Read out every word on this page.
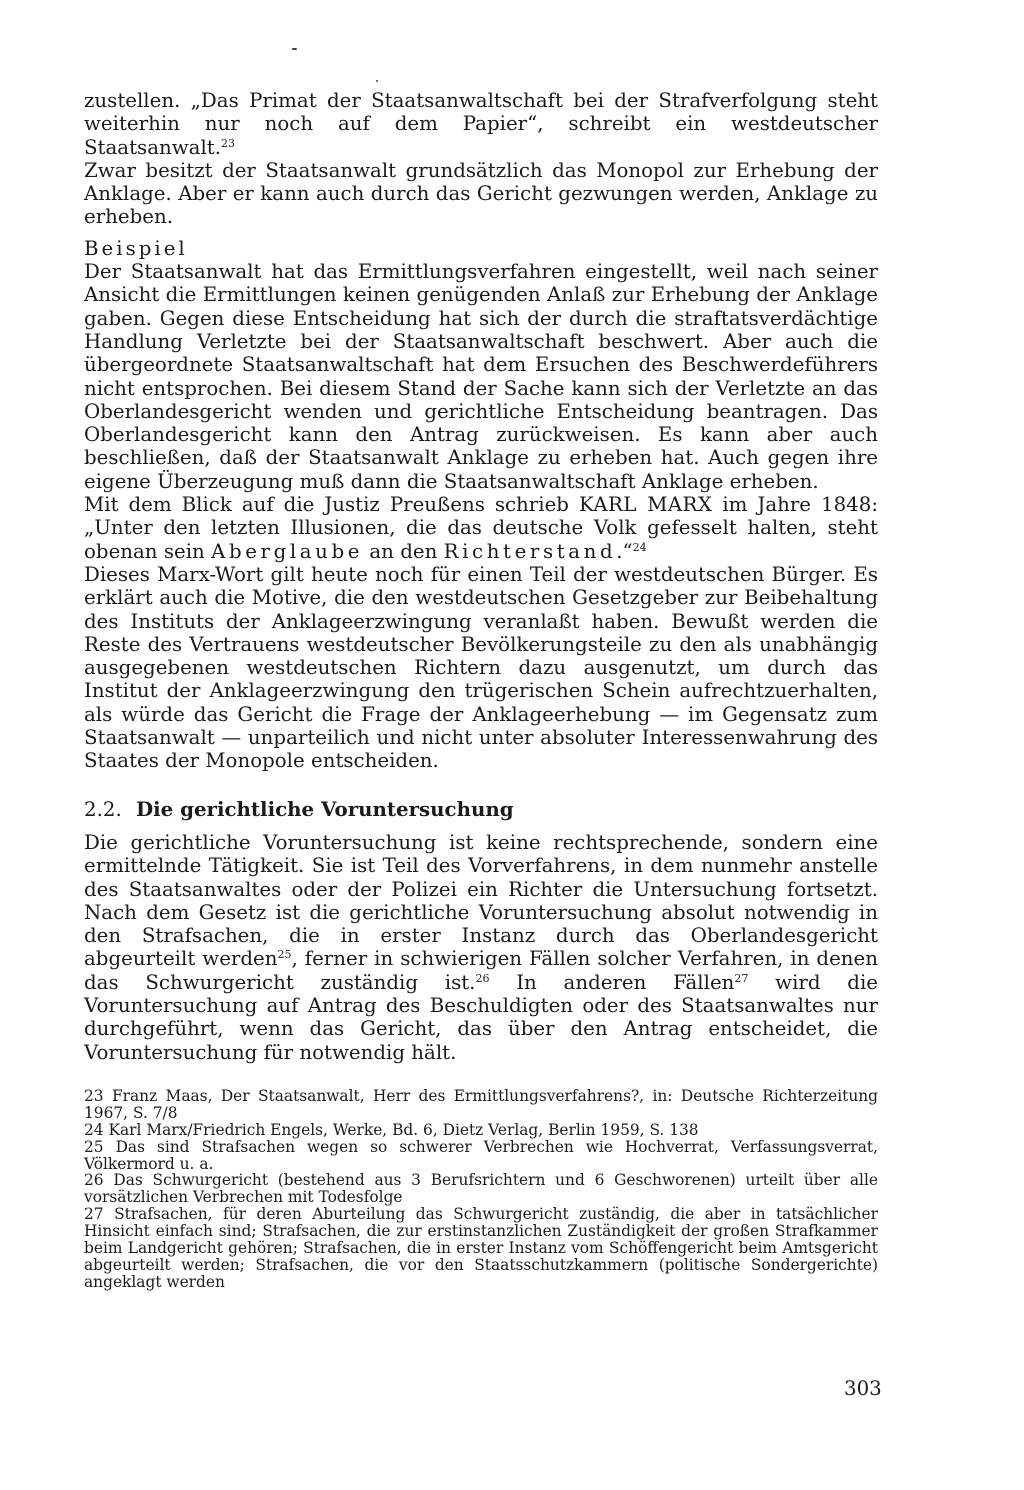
zustellen. „Das Primat der Staatsanwaltschaft bei der Strafverfolgung steht weiterhin nur noch auf dem Papier“, schreibt ein westdeutscher Staatsanwalt.$^{23}$

Zwar besitzt der Staatsanwalt grundsätzlich das Monopol zur Erhebung der Anklage. Aber er kann auch durch das Gericht gezwungen werden, Anklage zu erheben.

Beispiel

Der Staatsanwalt hat das Ermittlungsverfahren eingestellt, weil nach seiner Ansicht die Ermittlungen keinen genügenden Anlaß zur Erhebung der Anklage gaben. Gegen diese Entscheidung hat sich der durch die straftatsverdächtige Handlung Verletzte bei der Staatsanwaltschaft beschwert. Aber auch die übergeordnete Staatsanwaltschaft hat dem Ersuchen des Beschwerdeführers nicht entsprochen. Bei diesem Stand der Sache kann sich der Verletzte an das Oberlandesgericht wenden und gerichtliche Entscheidung beantragen. Das Oberlandesgericht kann den Antrag zurückweisen. Es kann aber auch beschließen, daß der Staatsanwalt Anklage zu erheben hat. Auch gegen ihre eigene Überzeugung muß dann die Staatsanwaltschaft Anklage erheben.

Mit dem Blick auf die Justiz Preußens schrieb KARL MARX im Jahre 1848: „Unter den letzten Illusionen, die das deutsche Volk gefesselt halten, steht obenan sein Aberglaube an den Richterstand.“$^{24}$

Dieses Marx-Wort gilt heute noch für einen Teil der westdeutschen Bürger. Es erklärt auch die Motive, die den westdeutschen Gesetzgeber zur Beibehaltung des Instituts der Anklageerzwingung veranlaßt haben. Bewußt werden die Reste des Vertrauens westdeutscher Bevölkerungsteile zu den als unabhängig ausgegebenen westdeutschen Richtern dazu ausgenutzt, um durch das Institut der Anklageerzwingung den trügerischen Schein aufrechtzuerhalten, als würde das Gericht die Frage der Anklageerhebung — im Gegensatz zum Staatsanwalt — unparteilich und nicht unter absoluter Interessenwahrung des Staates der Monopole entscheiden.

2.2. Die gerichtliche Voruntersuchung

Die gerichtliche Voruntersuchung ist keine rechtsprechende, sondern eine ermittelnde Tätigkeit. Sie ist Teil des Vorverfahrens, in dem nunmehr anstelle des Staatsanwaltes oder der Polizei ein Richter die Untersuchung fortsetzt. Nach dem Gesetz ist die gerichtliche Voruntersuchung absolut notwendig in den Strafsachen, die in erster Instanz durch das Oberlandesgericht abgeurteilt werden$^{25}$, ferner in schwierigen Fällen solcher Verfahren, in denen das Schwurgericht zuständig ist.$^{26}$ In anderen Fällen$^{27}$ wird die Voruntersuchung auf Antrag des Beschuldigten oder des Staatsanwaltes nur durchgeführt, wenn das Gericht, das über den Antrag entscheidet, die Voruntersuchung für notwendig hält.

23 Franz Maas, Der Staatsanwalt, Herr des Ermittlungsverfahrens?, in: Deutsche Richterzeitung 1967, S. 7/8

24 Karl Marx/Friedrich Engels, Werke, Bd. 6, Dietz Verlag, Berlin 1959, S. 138

25 Das sind Strafsachen wegen so schwerer Verbrechen wie Hochverrat, Verfassungsverrat, Völkermord u. a.

26 Das Schwurgericht (bestehend aus 3 Berufsrichtern und 6 Geschworenen) urteilt über alle vorsätzlichen Verbrechen mit Todesfolge

27 Strafsachen, für deren Aburteilung das Schwurgericht zuständig, die aber in tatsächlicher Hinsicht einfach sind; Strafsachen, die zur erstinstanzlichen Zuständigkeit der großen Strafkammer beim Landgericht gehören; Strafsachen, die in erster Instanz vom Schöffengericht beim Amtsgericht abgeurteilt werden; Strafsachen, die vor den Staatsschutzkammern (politische Sondergerichte) angeklagt werden

303
